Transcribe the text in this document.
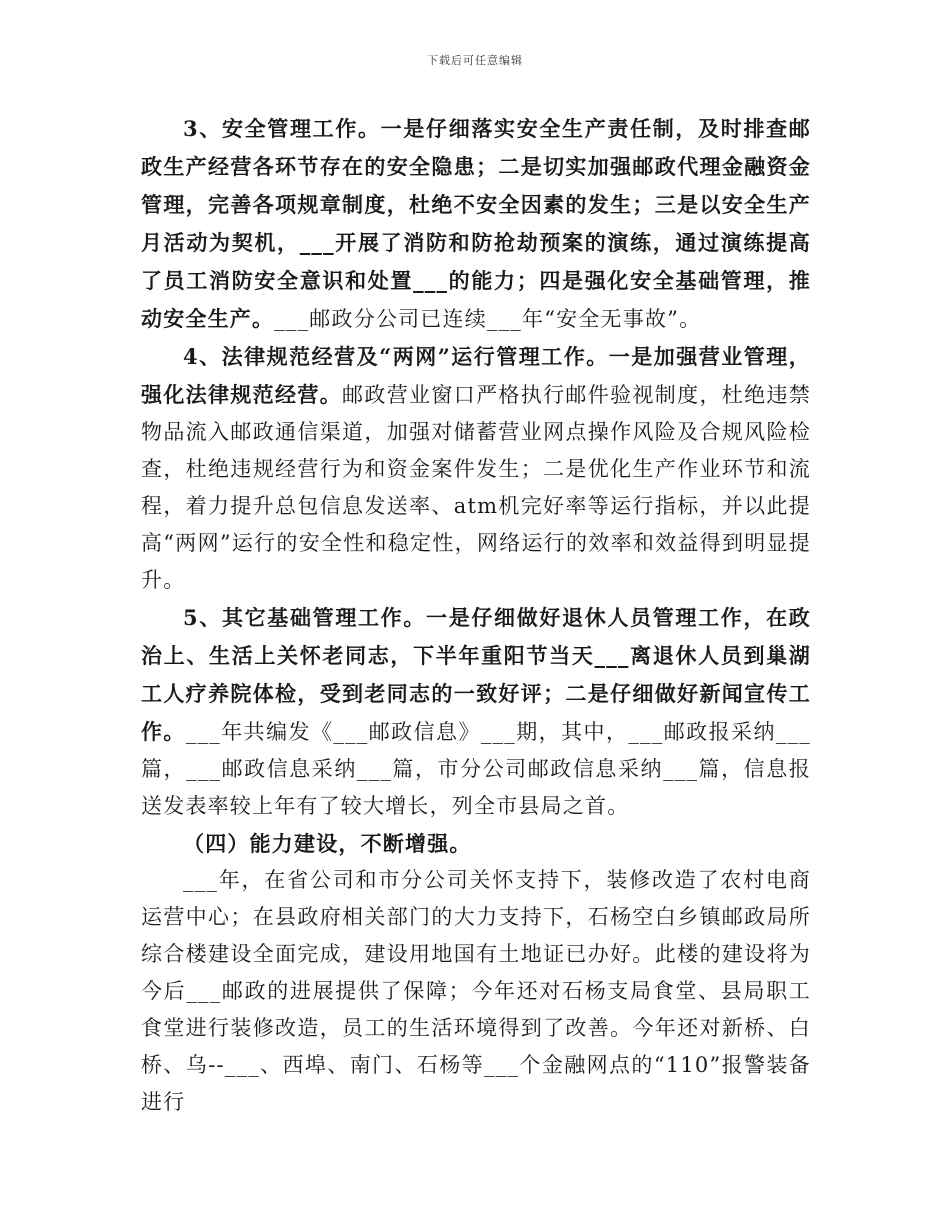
下载后可任意编辑

3、安全管理工作。一是仔细落实安全生产责任制，及时排查邮政生产经营各环节存在的安全隐患；二是切实加强邮政代理金融资金管理，完善各项规章制度，杜绝不安全因素的发生；三是以安全生产月活动为契机，___开展了消防和防抢劫预案的演练，通过演练提高了员工消防安全意识和处置___的能力；四是强化安全基础管理，推动安全生产。___邮政分公司已连续___年“安全无事故”。

4、法律规范经营及“两网”运行管理工作。一是加强营业管理，强化法律规范经营。邮政营业窗口严格执行邮件验视制度，杜绝违禁物品流入邮政通信渠道，加强对储蓄营业网点操作风险及合规风险检查，杜绝违规经营行为和资金案件发生；二是优化生产作业环节和流程，着力提升总包信息发送率、atm机完好率等运行指标，并以此提高“两网”运行的安全性和稳定性，网络运行的效率和效益得到明显提升。

5、其它基础管理工作。一是仔细做好退休人员管理工作，在政治上、生活上关怀老同志，下半年重阳节当天___离退休人员到巢湖工人疗养院体检，受到老同志的一致好评；二是仔细做好新闻宣传工作。___年共编发《___邮政信息》___期，其中，___邮政报采纳___篇，___邮政信息采纳___篇，市分公司邮政信息采纳___篇，信息报送发表率较上年有了较大增长，列全市县局之首。

（四）能力建设，不断增强。

___年，在省公司和市分公司关怀支持下，装修改造了农村电商运营中心；在县政府相关部门的大力支持下，石杨空白乡镇邮政局所综合楼建设全面完成，建设用地国有土地证已办好。此楼的建设将为今后___邮政的进展提供了保障；今年还对石杨支局食堂、县局职工食堂进行装修改造，员工的生活环境得到了改善。今年还对新桥、白桥、乌--___、西埠、南门、石杨等___个金融网点的“110”报警装备进行
